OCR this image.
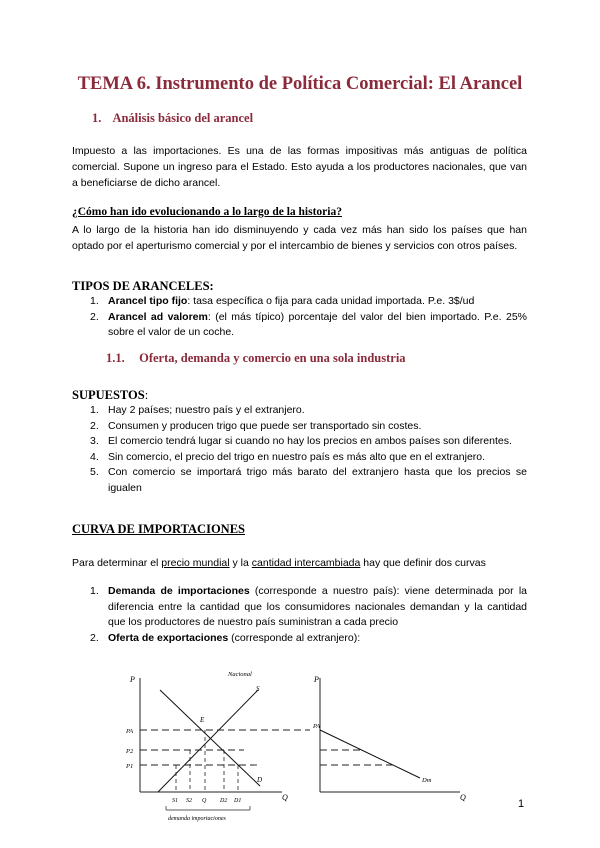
TEMA 6. Instrumento de Política Comercial: El Arancel
1. Análisis básico del arancel
Impuesto a las importaciones. Es una de las formas impositivas más antiguas de política comercial. Supone un ingreso para el Estado. Esto ayuda a los productores nacionales, que van a beneficiarse de dicho arancel.
¿Cómo han ido evolucionando a lo largo de la historia?
A lo largo de la historia han ido disminuyendo y cada vez más han sido los países que han optado por el aperturismo comercial y por el intercambio de bienes y servicios con otros países.
TIPOS DE ARANCELES:
1. Arancel tipo fijo: tasa específica o fija para cada unidad importada. P.e. 3$/ud
2. Arancel ad valorem: (el más típico) porcentaje del valor del bien importado. P.e. 25% sobre el valor de un coche.
1.1. Oferta, demanda y comercio en una sola industria
SUPUESTOS:
1. Hay 2 países; nuestro país y el extranjero.
2. Consumen y producen trigo que puede ser transportado sin costes.
3. El comercio tendrá lugar si cuando no hay los precios en ambos países son diferentes.
4. Sin comercio, el precio del trigo en nuestro país es más alto que en el extranjero.
5. Con comercio se importará trigo más barato del extranjero hasta que los precios se igualen
CURVA DE IMPORTACIONES
Para determinar el precio mundial y la cantidad intercambiada hay que definir dos curvas
1. Demanda de importaciones (corresponde a nuestro país): viene determinada por la diferencia entre la cantidad que los consumidores nacionales demandan y la cantidad que los productores de nuestro país suministran a cada precio
2. Oferta de exportaciones (corresponde al extranjero):
P
Q
S
Nacional
D
E
PA
P2
P1
S1 S2 Q D2 D1
demanda importaciones
P
Q
PA
Dm
1
